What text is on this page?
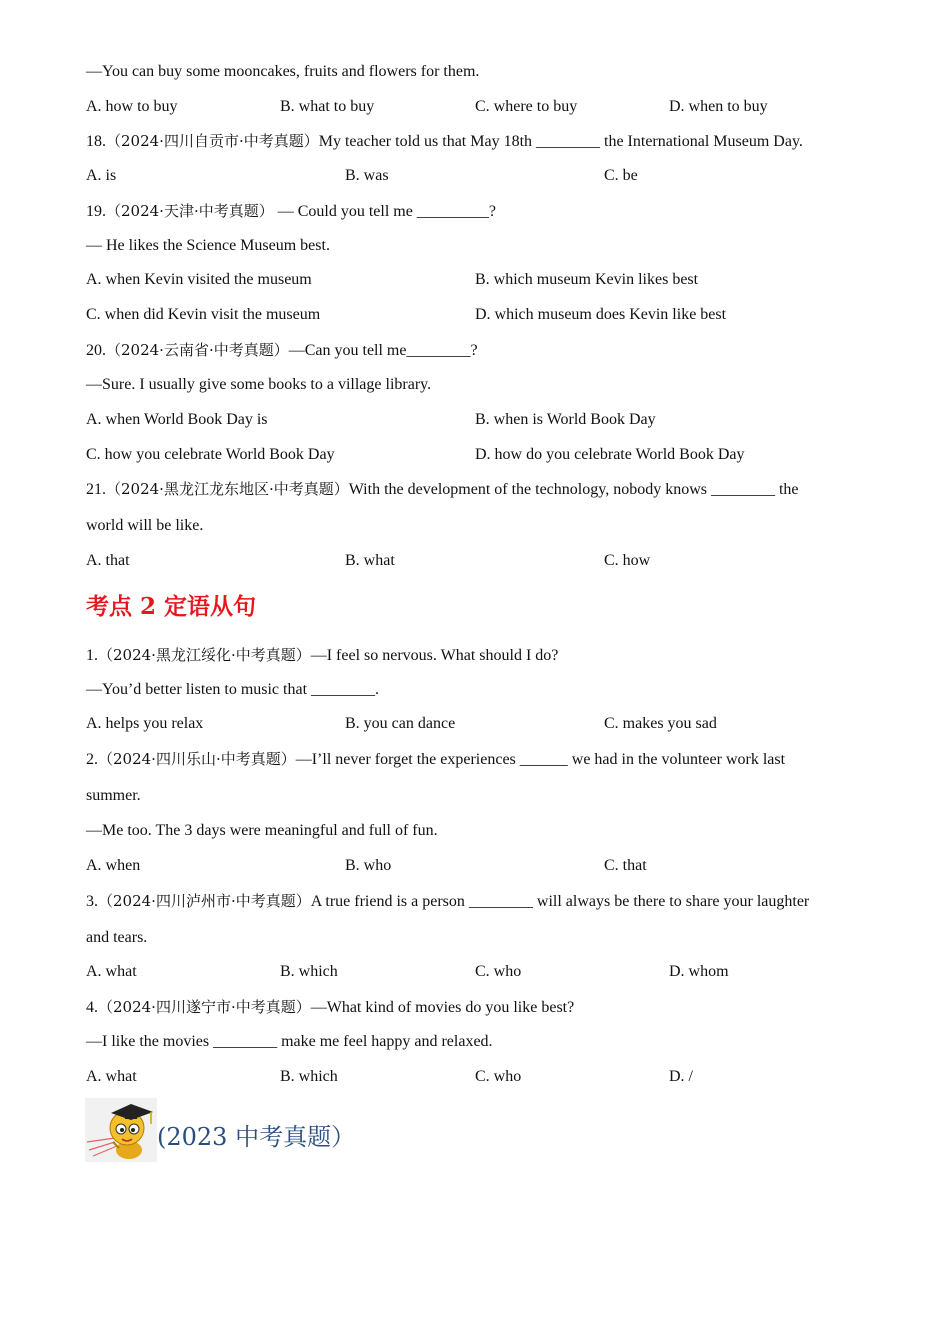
—You can buy some mooncakes, fruits and flowers for them.
A. how to buy	B. what to buy	C. where to buy	D. when to buy
18.（2024·四川自贡市·中考真题）My teacher told us that May 18th ________ the International Museum Day.
A. is	B. was	C. be
19.（2024·天津·中考真题） — Could you tell me _________?
— He likes the Science Museum best.
A. when Kevin visited the museum	B. which museum Kevin likes best
C. when did Kevin visit the museum	D. which museum does Kevin like best
20.（2024·云南省·中考真题）—Can you tell me________?
—Sure. I usually give some books to a village library.
A. when World Book Day is	B. when is World Book Day
C. how you celebrate World Book Day	D. how do you celebrate World Book Day
21.（2024·黑龙江龙东地区·中考真题）With the development of the technology, nobody knows ________ the
world will be like.
A. that	B. what	C. how
考点 2 定语从句
1.（2024·黑龙江绥化·中考真题）—I feel so nervous. What should I do?
—You’d better listen to music that ________.
A. helps you relax	B. you can dance	C. makes you sad
2.（2024·四川乐山·中考真题）—I’ll never forget the experiences ______ we had in the volunteer work last
summer.
—Me too. The 3 days were meaningful and full of fun.
A. when	B. who	C. that
3.（2024·四川泸州市·中考真题）A true friend is a person ________ will always be there to share your laughter
and tears.
A. what	B. which	C. who	D. whom
4.（2024·四川遂宁市·中考真题）—What kind of movies do you like best?
—I like the movies ________ make me feel happy and relaxed.
A. what	B. which	C. who	D. /
(2023 中考真题）
